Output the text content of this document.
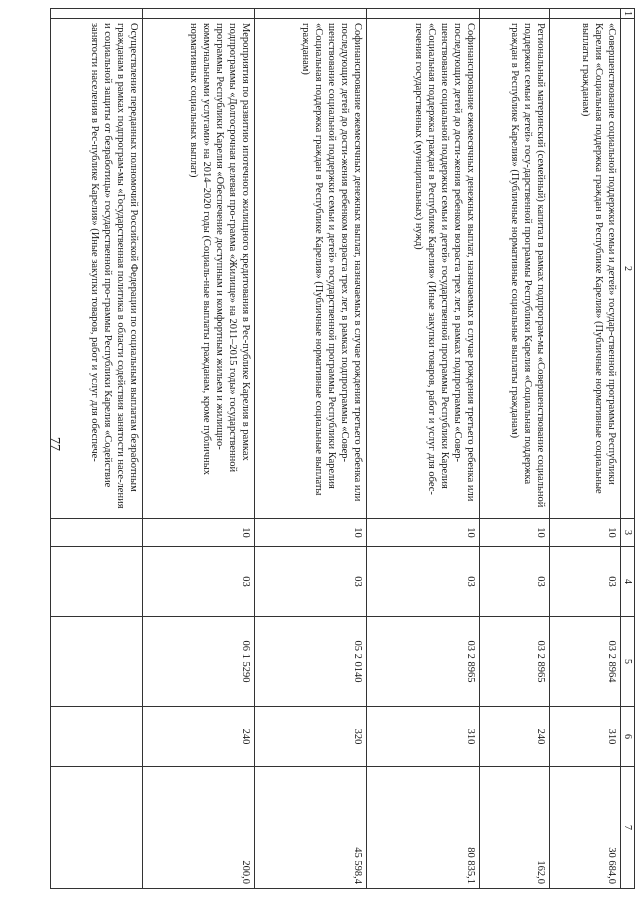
77
1	2	3	4	5	6	7
	«Совершенствование социальной поддержки семьи и детей» государ-ственной программы Республики Карелия «Социальная поддержка граждан в Республике Карелия» (Публичные нормативные социальные выплаты гражданам)	10	03	03 2 8964	310	30 684,0
	Региональный материнский (семейный) капитал в рамках подпрограм-мы «Совершенствование социальной поддержки семьи и детей» госу-дарственной программы Республики Карелия «Социальная поддержка граждан в Республике Карелия» (Публичные нормативные социальные выплаты гражданам)	10	03	03 2 8965	240	162,0
	Софинансирование ежемесячных денежных выплат, назначаемых в случае рождения третьего ребенка или последующих детей до дости-жения ребенком возраста трех лет, в рамках подпрограммы «Совер-шенствование социальной поддержки семьи и детей» государственной программы Республики Карелия «Социальная поддержка граждан в Республике Карелия» (Иные закупки товаров, работ и услуг для обес-печения государственных (муниципальных) нужд)	10	03	03 2 8965	310	80 835,1
	Софинансирование ежемесячных денежных выплат, назначаемых в случае рождения третьего ребенка или последующих детей до дости-жения ребенком возраста трех лет, в рамках подпрограммы «Совер-шенствование социальной поддержки семьи и детей» государственной программы Республики Карелия «Социальная поддержка граждан в Республике Карелия» (Публичные нормативные социальные выплаты гражданам)	10	03	05 2 0140	320	45 598,4
	Мероприятия по развитию ипотечного жилищного кредитования в Рес-публике Карелия в рамках подпрограммы «Долгосрочная целевая про-грамма «Жилище» на 2011–2015 годы» государственной программы Республики Карелия «Обеспечение доступным и комфортным жильем и жилищно-коммунальными услугами» на 2014–2020 годы (Социаль-ные выплаты гражданам, кроме публичных нормативных социальных выплат)	10	03	06 1 5290	240	200,0
	Осуществление переданных полномочий Российской Федерации по социальным выплатам безработным гражданам в рамках подпрограм-мы «Государственная политика в области содействия занятости насе-ления и социальной защиты от безработицы» государственной про-граммы Республики Карелия «Содействие занятости населения в Рес-публике Карелия» (Иные закупки товаров, работ и услуг для обеспече-					
